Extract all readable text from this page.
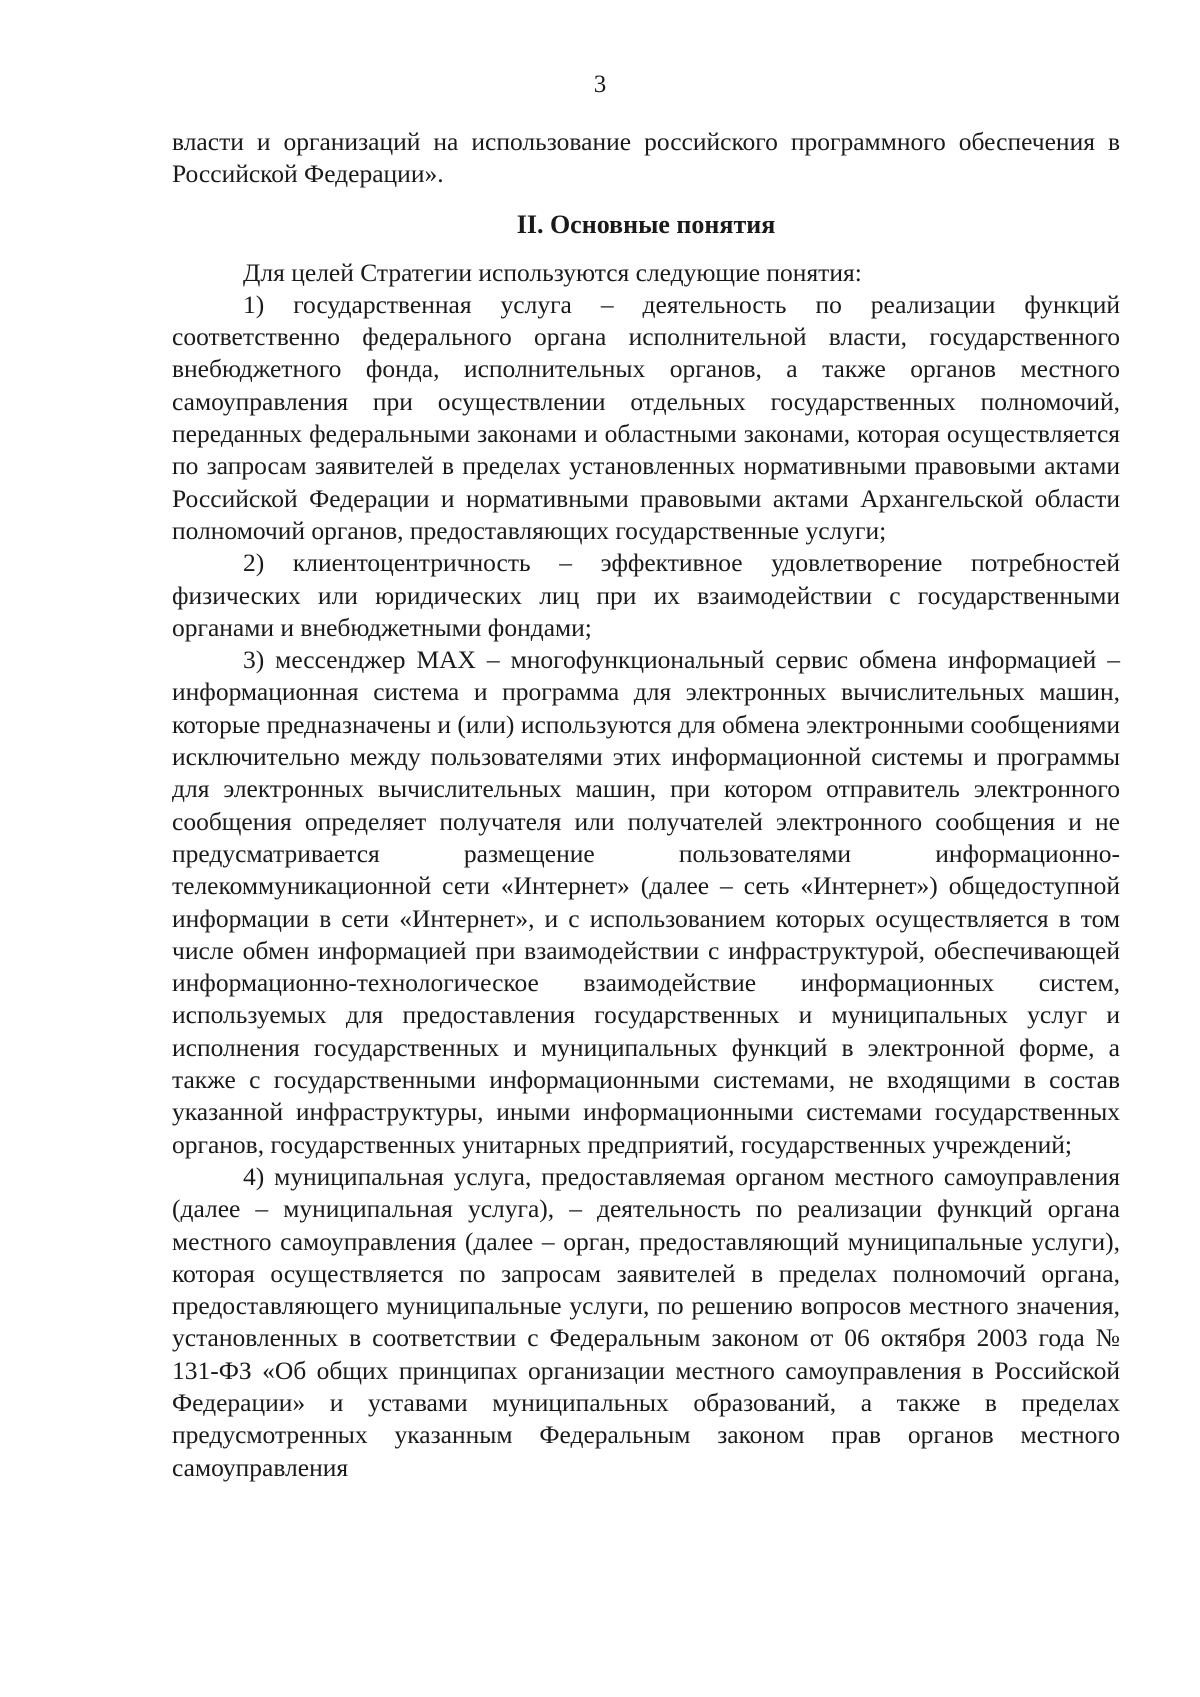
3

власти и организаций на использование российского программного обеспечения в Российской Федерации».

II. Основные понятия

Для целей Стратегии используются следующие понятия:

1) государственная услуга – деятельность по реализации функций соответственно федерального органа исполнительной власти, государственного внебюджетного фонда, исполнительных органов, а также органов местного самоуправления при осуществлении отдельных государственных полномочий, переданных федеральными законами и областными законами, которая осуществляется по запросам заявителей в пределах установленных нормативными правовыми актами Российской Федерации и нормативными правовыми актами Архангельской области полномочий органов, предоставляющих государственные услуги;

2) клиентоцентричность – эффективное удовлетворение потребностей физических или юридических лиц при их взаимодействии с государственными органами и внебюджетными фондами;

3) мессенджер MAX – многофункциональный сервис обмена информацией – информационная система и программа для электронных вычислительных машин, которые предназначены и (или) используются для обмена электронными сообщениями исключительно между пользователями этих информационной системы и программы для электронных вычислительных машин, при котором отправитель электронного сообщения определяет получателя или получателей электронного сообщения и не предусматривается размещение пользователями информационно-телекоммуникационной сети «Интернет» (далее – сеть «Интернет») общедоступной информации в сети «Интернет», и с использованием которых осуществляется в том числе обмен информацией при взаимодействии с инфраструктурой, обеспечивающей информационно-технологическое взаимодействие информационных систем, используемых для предоставления государственных и муниципальных услуг и исполнения государственных и муниципальных функций в электронной форме, а также с государственными информационными системами, не входящими в состав указанной инфраструктуры, иными информационными системами государственных органов, государственных унитарных предприятий, государственных учреждений;

4) муниципальная услуга, предоставляемая органом местного самоуправления (далее – муниципальная услуга), – деятельность по реализации функций органа местного самоуправления (далее – орган, предоставляющий муниципальные услуги), которая осуществляется по запросам заявителей в пределах полномочий органа, предоставляющего муниципальные услуги, по решению вопросов местного значения, установленных в соответствии с Федеральным законом от 06 октября 2003 года № 131-ФЗ «Об общих принципах организации местного самоуправления в Российской Федерации» и уставами муниципальных образований, а также в пределах предусмотренных указанным Федеральным законом прав органов местного самоуправления
